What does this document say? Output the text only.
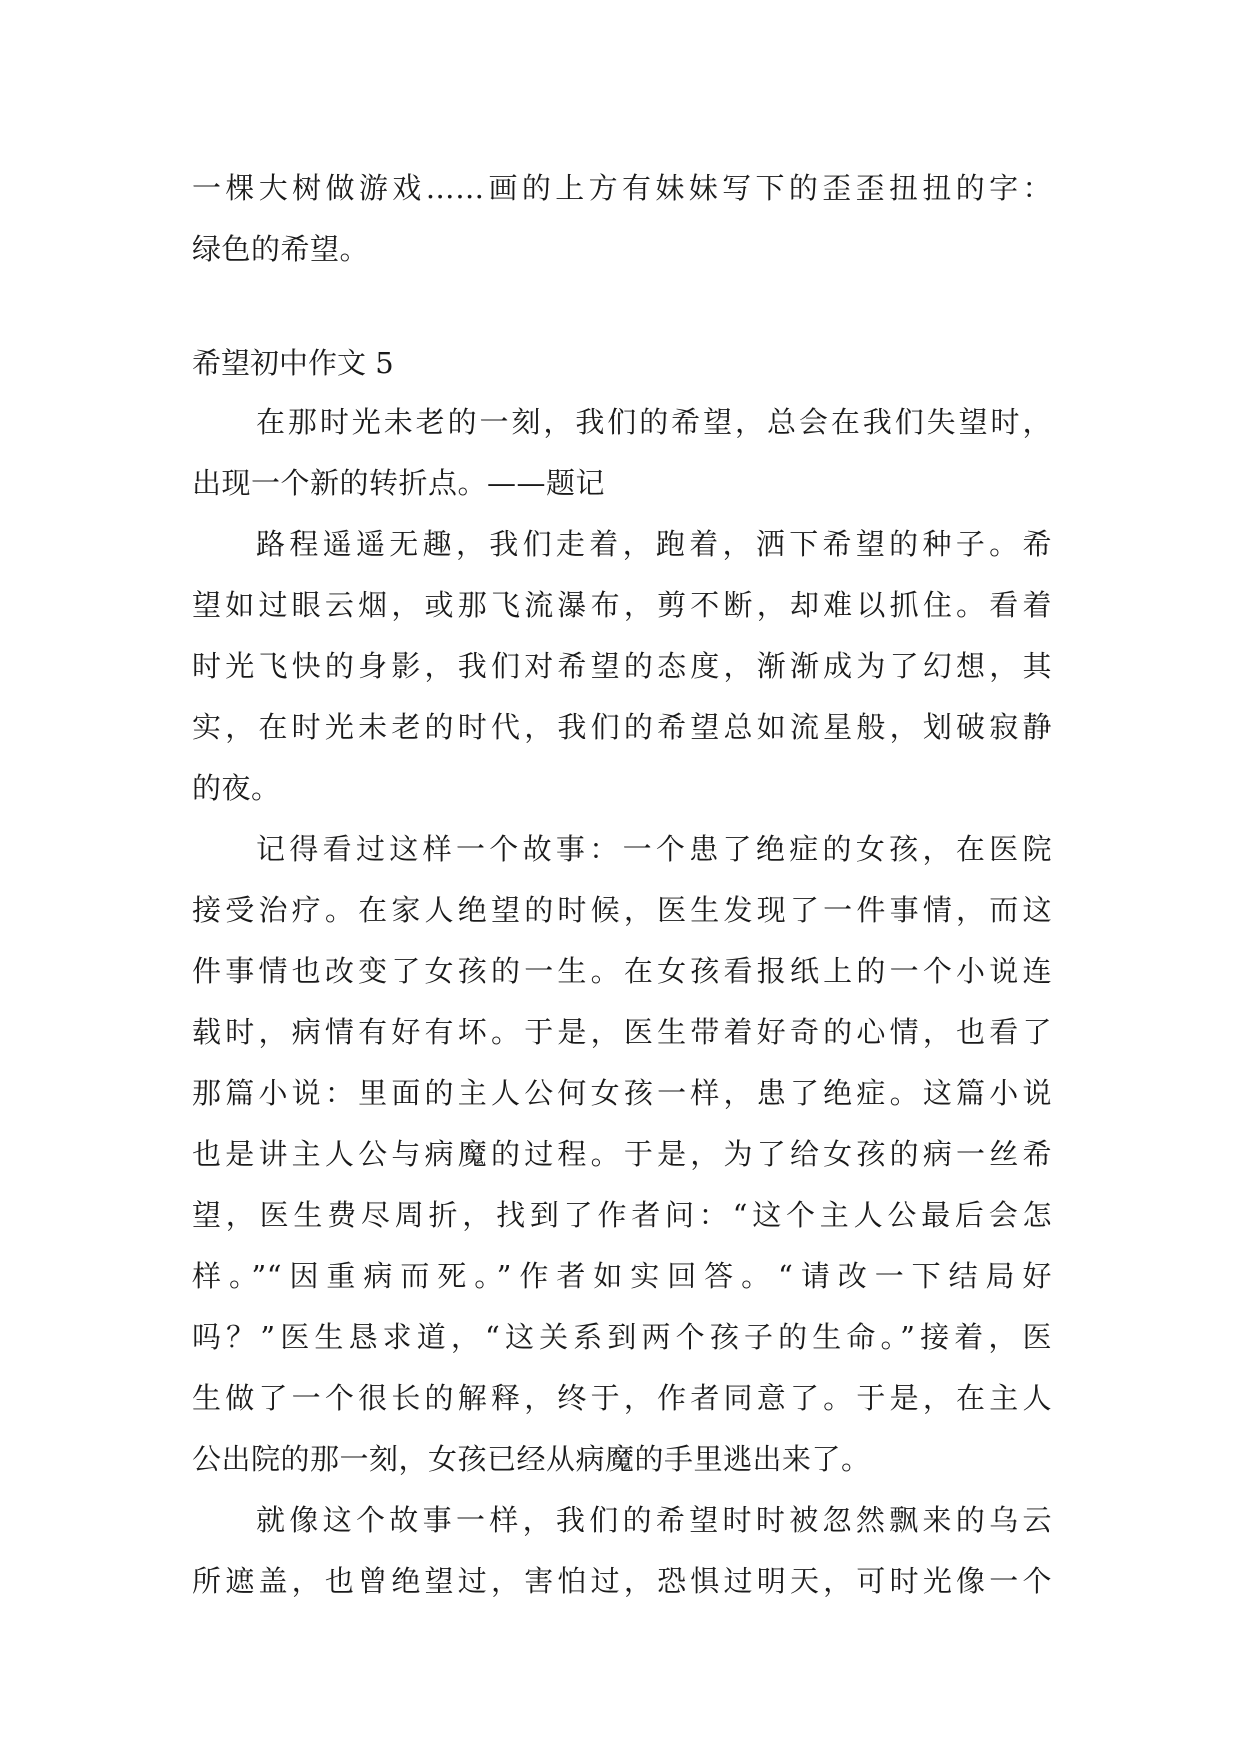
一棵大树做游戏……画的上方有妹妹写下的歪歪扭扭的字：
绿色的希望。
希望初中作文 5
在那时光未老的一刻，我们的希望，总会在我们失望时，
出现一个新的转折点。——题记
路程遥遥无趣，我们走着，跑着，洒下希望的种子。希
望如过眼云烟，或那飞流瀑布，剪不断，却难以抓住。看着
时光飞快的身影，我们对希望的态度，渐渐成为了幻想，其
实，在时光未老的时代，我们的希望总如流星般，划破寂静
的夜。
记得看过这样一个故事：一个患了绝症的女孩，在医院
接受治疗。在家人绝望的时候，医生发现了一件事情，而这
件事情也改变了女孩的一生。在女孩看报纸上的一个小说连
载时，病情有好有坏。于是，医生带着好奇的心情，也看了
那篇小说：里面的主人公何女孩一样，患了绝症。这篇小说
也是讲主人公与病魔的过程。于是，为了给女孩的病一丝希
望，医生费尽周折，找到了作者问：“这个主人公最后会怎
样。”“因重病而死。”作者如实回答。“请改一下结局好
吗？”医生恳求道，“这关系到两个孩子的生命。”接着，医
生做了一个很长的解释，终于，作者同意了。于是，在主人
公出院的那一刻，女孩已经从病魔的手里逃出来了。
就像这个故事一样，我们的希望时时被忽然飘来的乌云
所遮盖，也曾绝望过，害怕过，恐惧过明天，可时光像一个
